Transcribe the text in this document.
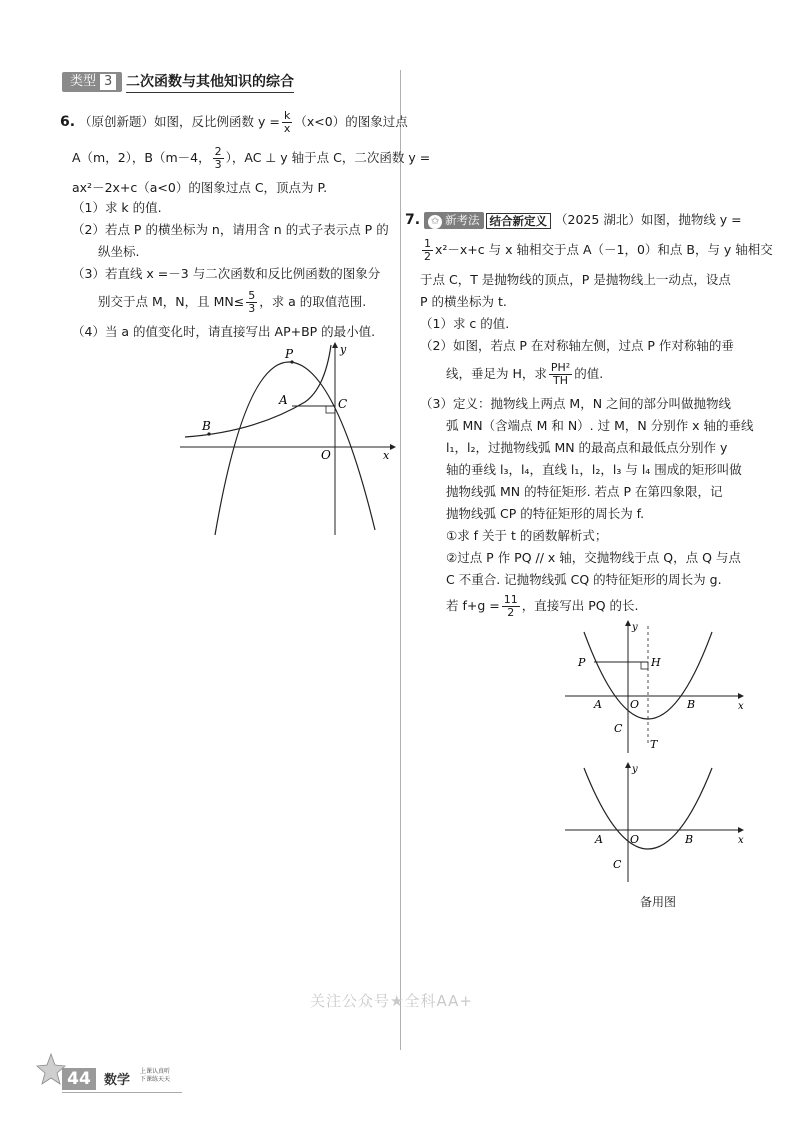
类型 3 二次函数与其他知识的综合
6. （原创新题）如图，反比例函数 $y = \frac{k}{x} (x<0)$的图象过点
A（m，2），B（m－4， $\frac{2}{3}$ ），AC ⊥ y 轴于点 C，二次函数 y =
ax²－2x+c（a<0）的图象过点 C，顶点为 P.
（1）求 k 的值.
（2）若点 P 的横坐标为 n，请用含 n 的式子表示点 P 的
纵坐标.
（3）若直线 x =－3 与二次函数和反比例函数的图象分
别交于点 M，N，且 $MN\le \frac{5}{3}$ ，求 a 的取值范围.
（4）当 a 的值变化时，请直接写出 AP+BP 的最小值.
P
A	C
B
O	x
y
7. ✩ 新考法 结合新定义 （2025 湖北）如图，抛物线 y =
$\frac{1}{2} x^2-x+c$ 与 x 轴相交于点 A（－1，0）和点 B，与 y 轴相交
于点 C，T 是抛物线的顶点，P 是抛物线上一动点，设点
P 的横坐标为 t.
（1）求 c 的值.
（2）如图，若点 P 在对称轴左侧，过点 P 作对称轴的垂
线，垂足为 H，求 $\frac{\text{PH²}}{TH}$ 的值.
（3）定义：抛物线上两点 M，N 之间的部分叫做抛物线
弧 MN（含端点 M 和 N）. 过 M，N 分别作 x 轴的垂线
l₁，l₂，过抛物线弧 MN 的最高点和最低点分别作 y
轴的垂线 l₃，l₄，直线 l₁，l₂，l₃ 与 l₄ 围成的矩形叫做
抛物线弧 MN 的特征矩形. 若点 P 在第四象限，记
抛物线弧 CP 的特征矩形的周长为 f.
①求 f 关于 t 的函数解析式；
②过点 P 作 PQ // x 轴，交抛物线于点 Q，点 Q 与点
C 不重合. 记抛物线弧 CQ 的特征矩形的周长为 g.
若 $f+g = \frac{11}{2}$ ，直接写出 PQ 的长.
P	H
A	O	B
C
T
x
y
A O	B
C
x
y
备用图
关注公众号★全科AA+
44	数学
上课认真听
下课练天天
